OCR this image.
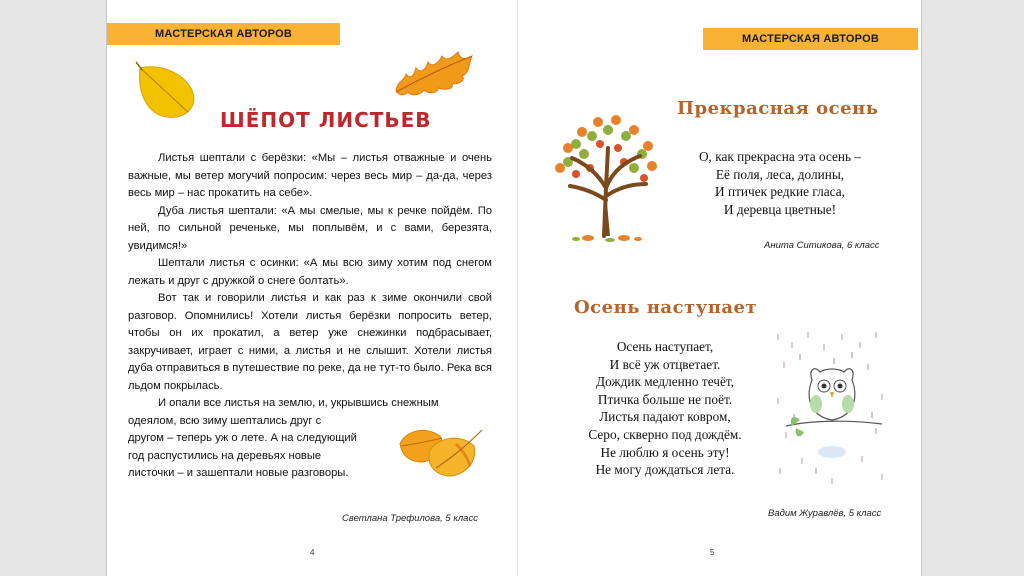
МАСТЕРСКАЯ АВТОРОВ
ШЁПОТ ЛИСТЬЕВ

Листья шептали с берёзки: «Мы – листья отважные и очень важные, мы ветер могучий попросим: через весь мир – да-да, через весь мир – нас прокатить на себе».

Дуба листья шептали: «А мы смелые, мы к речке пойдём. По ней, по сильной реченьке, мы поплывём, и с вами, березята, увидимся!»

Шептали листья с осинки: «А мы всю зиму хотим под снегом лежать и друг с дружкой о снеге болтать».

Вот так и говорили листья и как раз к зиме окончили свой разговор. Опомнились! Хотели листья берёзки попросить ветер, чтобы он их прокатил, а ветер уже снежинки подбрасывает, закручивает, играет с ними, а листья и не слышит. Хотели листья дуба отправиться в путешествие по реке, да не тут-то было. Река вся льдом покрылась.

И опали все листья на землю, и, укрывшись снежным

одеялом, всю зиму шептались друг с

другом – теперь уж о лете. А на следующий

год распустились на деревьях новые

листочки – и зашептали новые разговоры.

Светлана Трефилова, 5 класс
4
МАСТЕРСКАЯ АВТОРОВ
Прекрасная осень
О, как прекрасна эта осень –
Её поля, леса, долины,
И птичек редкие гласа,
И деревца цветные!
Анита Ситикова, 6 класс
Осень наступает
Осень наступает,
И всё уж отцветает.
Дождик медленно течёт,
Птичка больше не поёт.
Листья падают ковром,
Серо, скверно под дождём.
Не люблю я осень эту!
Не могу дождаться лета.
Вадим Журавлёв, 5 класс
5
